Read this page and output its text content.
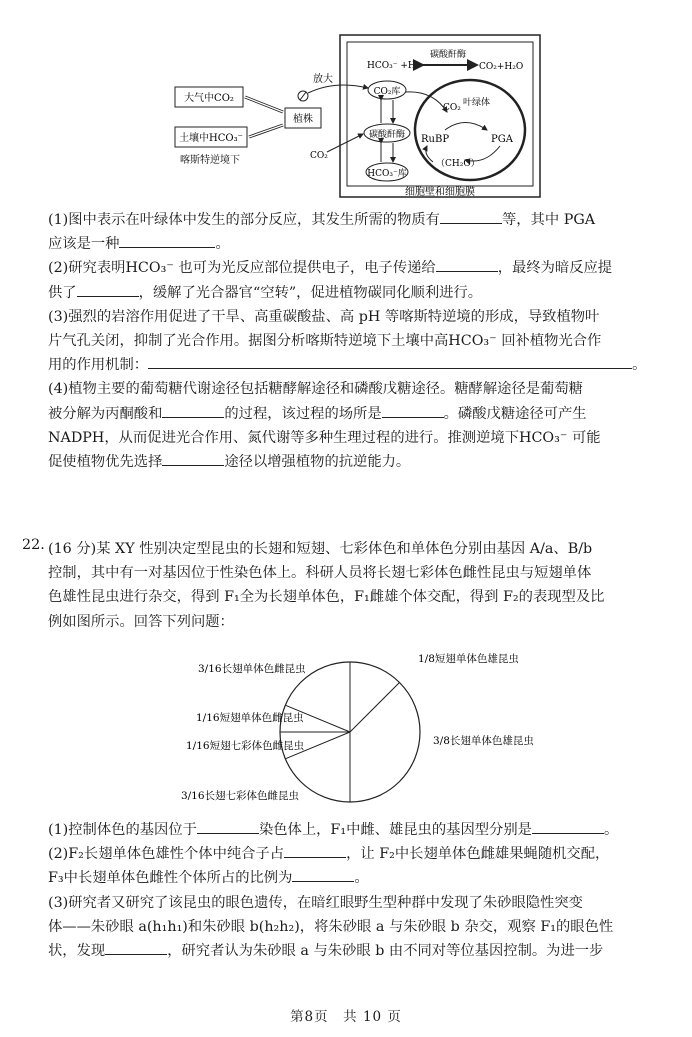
大气中CO₂
土壤中HCO₃⁻
喀斯特逆境下
植株
放大
HCO₃⁻ +H⁺
碳酸酐酶
CO₂+H₂O
CO₂库
碳酸酐酶
HCO₃⁻库
CO₂
叶绿体
CO₂
RuBP	PGA
（CH₂O）
细胞壁和细胞膜

(1)图中表示在叶绿体中发生的部分反应，其发生所需的物质有	等，其中 PGA

应该是一种	。

(2)研究表明HCO₃⁻ 也可为光反应部位提供电子，电子传递给	，最终为暗反应提

供了	，缓解了光合器官“空转”，促进植物碳同化顺利进行。

(3)强烈的岩溶作用促进了干旱、高重碳酸盐、高 pH 等喀斯特逆境的形成，导致植物叶

片气孔关闭，抑制了光合作用。据图分析喀斯特逆境下土壤中高HCO₃⁻ 回补植物光合作

用的作用机制：	。

(4)植物主要的葡萄糖代谢途径包括糖酵解途径和磷酸戊糖途径。糖酵解途径是葡萄糖

被分解为丙酮酸和	的过程，该过程的场所是	。磷酸戊糖途径可产生

NADPH，从而促进光合作用、氮代谢等多种生理过程的进行。推测逆境下HCO₃⁻ 可能

促使植物优先选择	途径以增强植物的抗逆能力。

22. (16 分)某 XY 性别决定型昆虫的长翅和短翅、七彩体色和单体色分别由基因 A/a、B/b

控制，其中有一对基因位于性染色体上。科研人员将长翅七彩体色雌性昆虫与短翅单体

色雄性昆虫进行杂交，得到 F₁全为长翅单体色，F₁雌雄个体交配，得到 F₂的表现型及比

例如图所示。回答下列问题：

1/8短翅单体色雄昆虫
3/8长翅单体色雄昆虫
3/16长翅七彩体色雌昆虫
1/16短翅七彩体色雌昆虫
1/16短翅单体色雌昆虫
3/16长翅单体色雌昆虫

(1)控制体色的基因位于	染色体上，F₁中雌、雄昆虫的基因型分别是	。

(2)F₂长翅单体色雄性个体中纯合子占	，让 F₂中长翅单体色雌雄果蝇随机交配，

F₃中长翅单体色雌性个体所占的比例为	。

(3)研究者又研究了该昆虫的眼色遗传，在暗红眼野生型种群中发现了朱砂眼隐性突变

体——朱砂眼 a(h₁h₁)和朱砂眼 b(h₂h₂)，将朱砂眼 a 与朱砂眼 b 杂交，观察 F₁的眼色性

状，发现	，研究者认为朱砂眼 a 与朱砂眼 b 由不同对等位基因控制。为进一步

第8页　共 10 页
